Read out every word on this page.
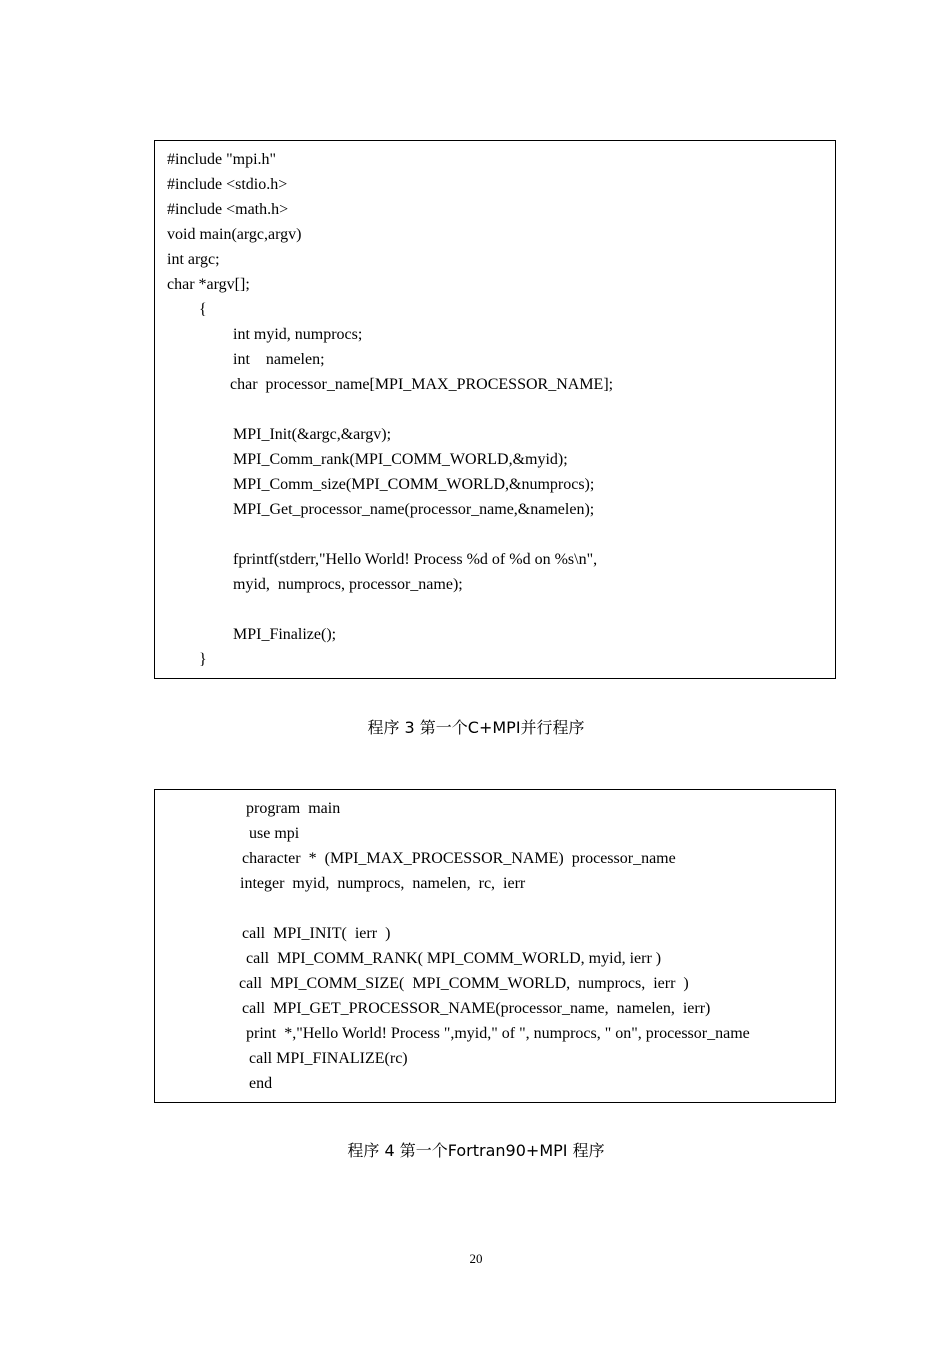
#include "mpi.h"
#include <stdio.h>
#include <math.h>
void main(argc,argv)
int argc;
char *argv[];
{
int myid, numprocs;
int    namelen;
char  processor_name[MPI_MAX_PROCESSOR_NAME];
MPI_Init(&argc,&argv);
MPI_Comm_rank(MPI_COMM_WORLD,&myid);
MPI_Comm_size(MPI_COMM_WORLD,&numprocs);
MPI_Get_processor_name(processor_name,&namelen);
fprintf(stderr,"Hello World! Process %d of %d on %s\n",
myid,  numprocs, processor_name);
MPI_Finalize();
}
程序 3 第一个C+MPI并行程序
program  main
use mpi
character  *  (MPI_MAX_PROCESSOR_NAME)  processor_name
integer  myid,  numprocs,  namelen,  rc,  ierr
call  MPI_INIT(  ierr  )
call  MPI_COMM_RANK( MPI_COMM_WORLD, myid, ierr )
call  MPI_COMM_SIZE(  MPI_COMM_WORLD,  numprocs,  ierr  )
call  MPI_GET_PROCESSOR_NAME(processor_name,  namelen,  ierr)
print  *,"Hello World! Process ",myid," of ", numprocs, " on", processor_name
call MPI_FINALIZE(rc)
end
程序 4 第一个Fortran90+MPI 程序
20
